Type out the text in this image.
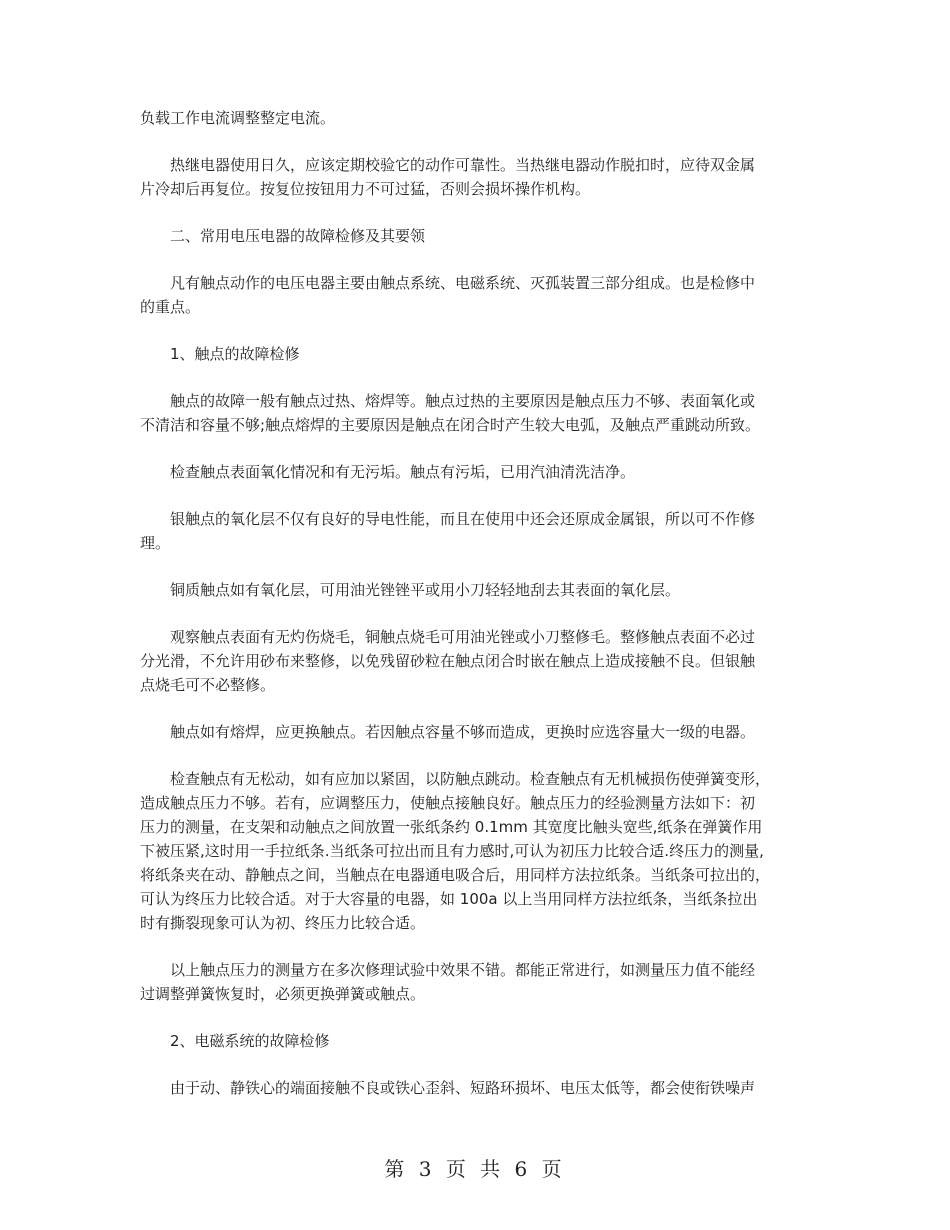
负载工作电流调整整定电流。
热继电器使用日久，应该定期校验它的动作可靠性。当热继电器动作脱扣时，应待双金属
片冷却后再复位。按复位按钮用力不可过猛，否则会损坏操作机构。
二、常用电压电器的故障检修及其要领
凡有触点动作的电压电器主要由触点系统、电磁系统、灭孤装置三部分组成。也是检修中
的重点。
1、触点的故障检修
触点的故障一般有触点过热、熔焊等。触点过热的主要原因是触点压力不够、表面氧化或
不清洁和容量不够;触点熔焊的主要原因是触点在闭合时产生较大电弧，及触点严重跳动所致。
检查触点表面氧化情况和有无污垢。触点有污垢，已用汽油清洗洁净。
银触点的氧化层不仅有良好的导电性能，而且在使用中还会还原成金属银，所以可不作修
理。
铜质触点如有氧化层，可用油光锉锉平或用小刀轻轻地刮去其表面的氧化层。
观察触点表面有无灼伤烧毛，铜触点烧毛可用油光锉或小刀整修毛。整修触点表面不必过
分光滑，不允许用砂布来整修，以免残留砂粒在触点闭合时嵌在触点上造成接触不良。但银触
点烧毛可不必整修。
触点如有熔焊，应更换触点。若因触点容量不够而造成，更换时应选容量大一级的电器。
检查触点有无松动，如有应加以紧固，以防触点跳动。检查触点有无机械损伤使弹簧变形，
造成触点压力不够。若有，应调整压力，使触点接触良好。触点压力的经验测量方法如下：初
压力的测量，在支架和动触点之间放置一张纸条约 0.1mm 其宽度比触头宽些,纸条在弹簧作用
下被压紧,这时用一手拉纸条.当纸条可拉出而且有力感时,可认为初压力比较合适.终压力的测量,
将纸条夹在动、静触点之间，当触点在电器通电吸合后，用同样方法拉纸条。当纸条可拉出的，
可认为终压力比较合适。对于大容量的电器，如 100a 以上当用同样方法拉纸条，当纸条拉出
时有撕裂现象可认为初、终压力比较合适。
以上触点压力的测量方在多次修理试验中效果不错。都能正常进行，如测量压力值不能经
过调整弹簧恢复时，必须更换弹簧或触点。
2、电磁系统的故障检修
由于动、静铁心的端面接触不良或铁心歪斜、短路环损坏、电压太低等，都会使衔铁噪声
第 3 页 共 6 页
